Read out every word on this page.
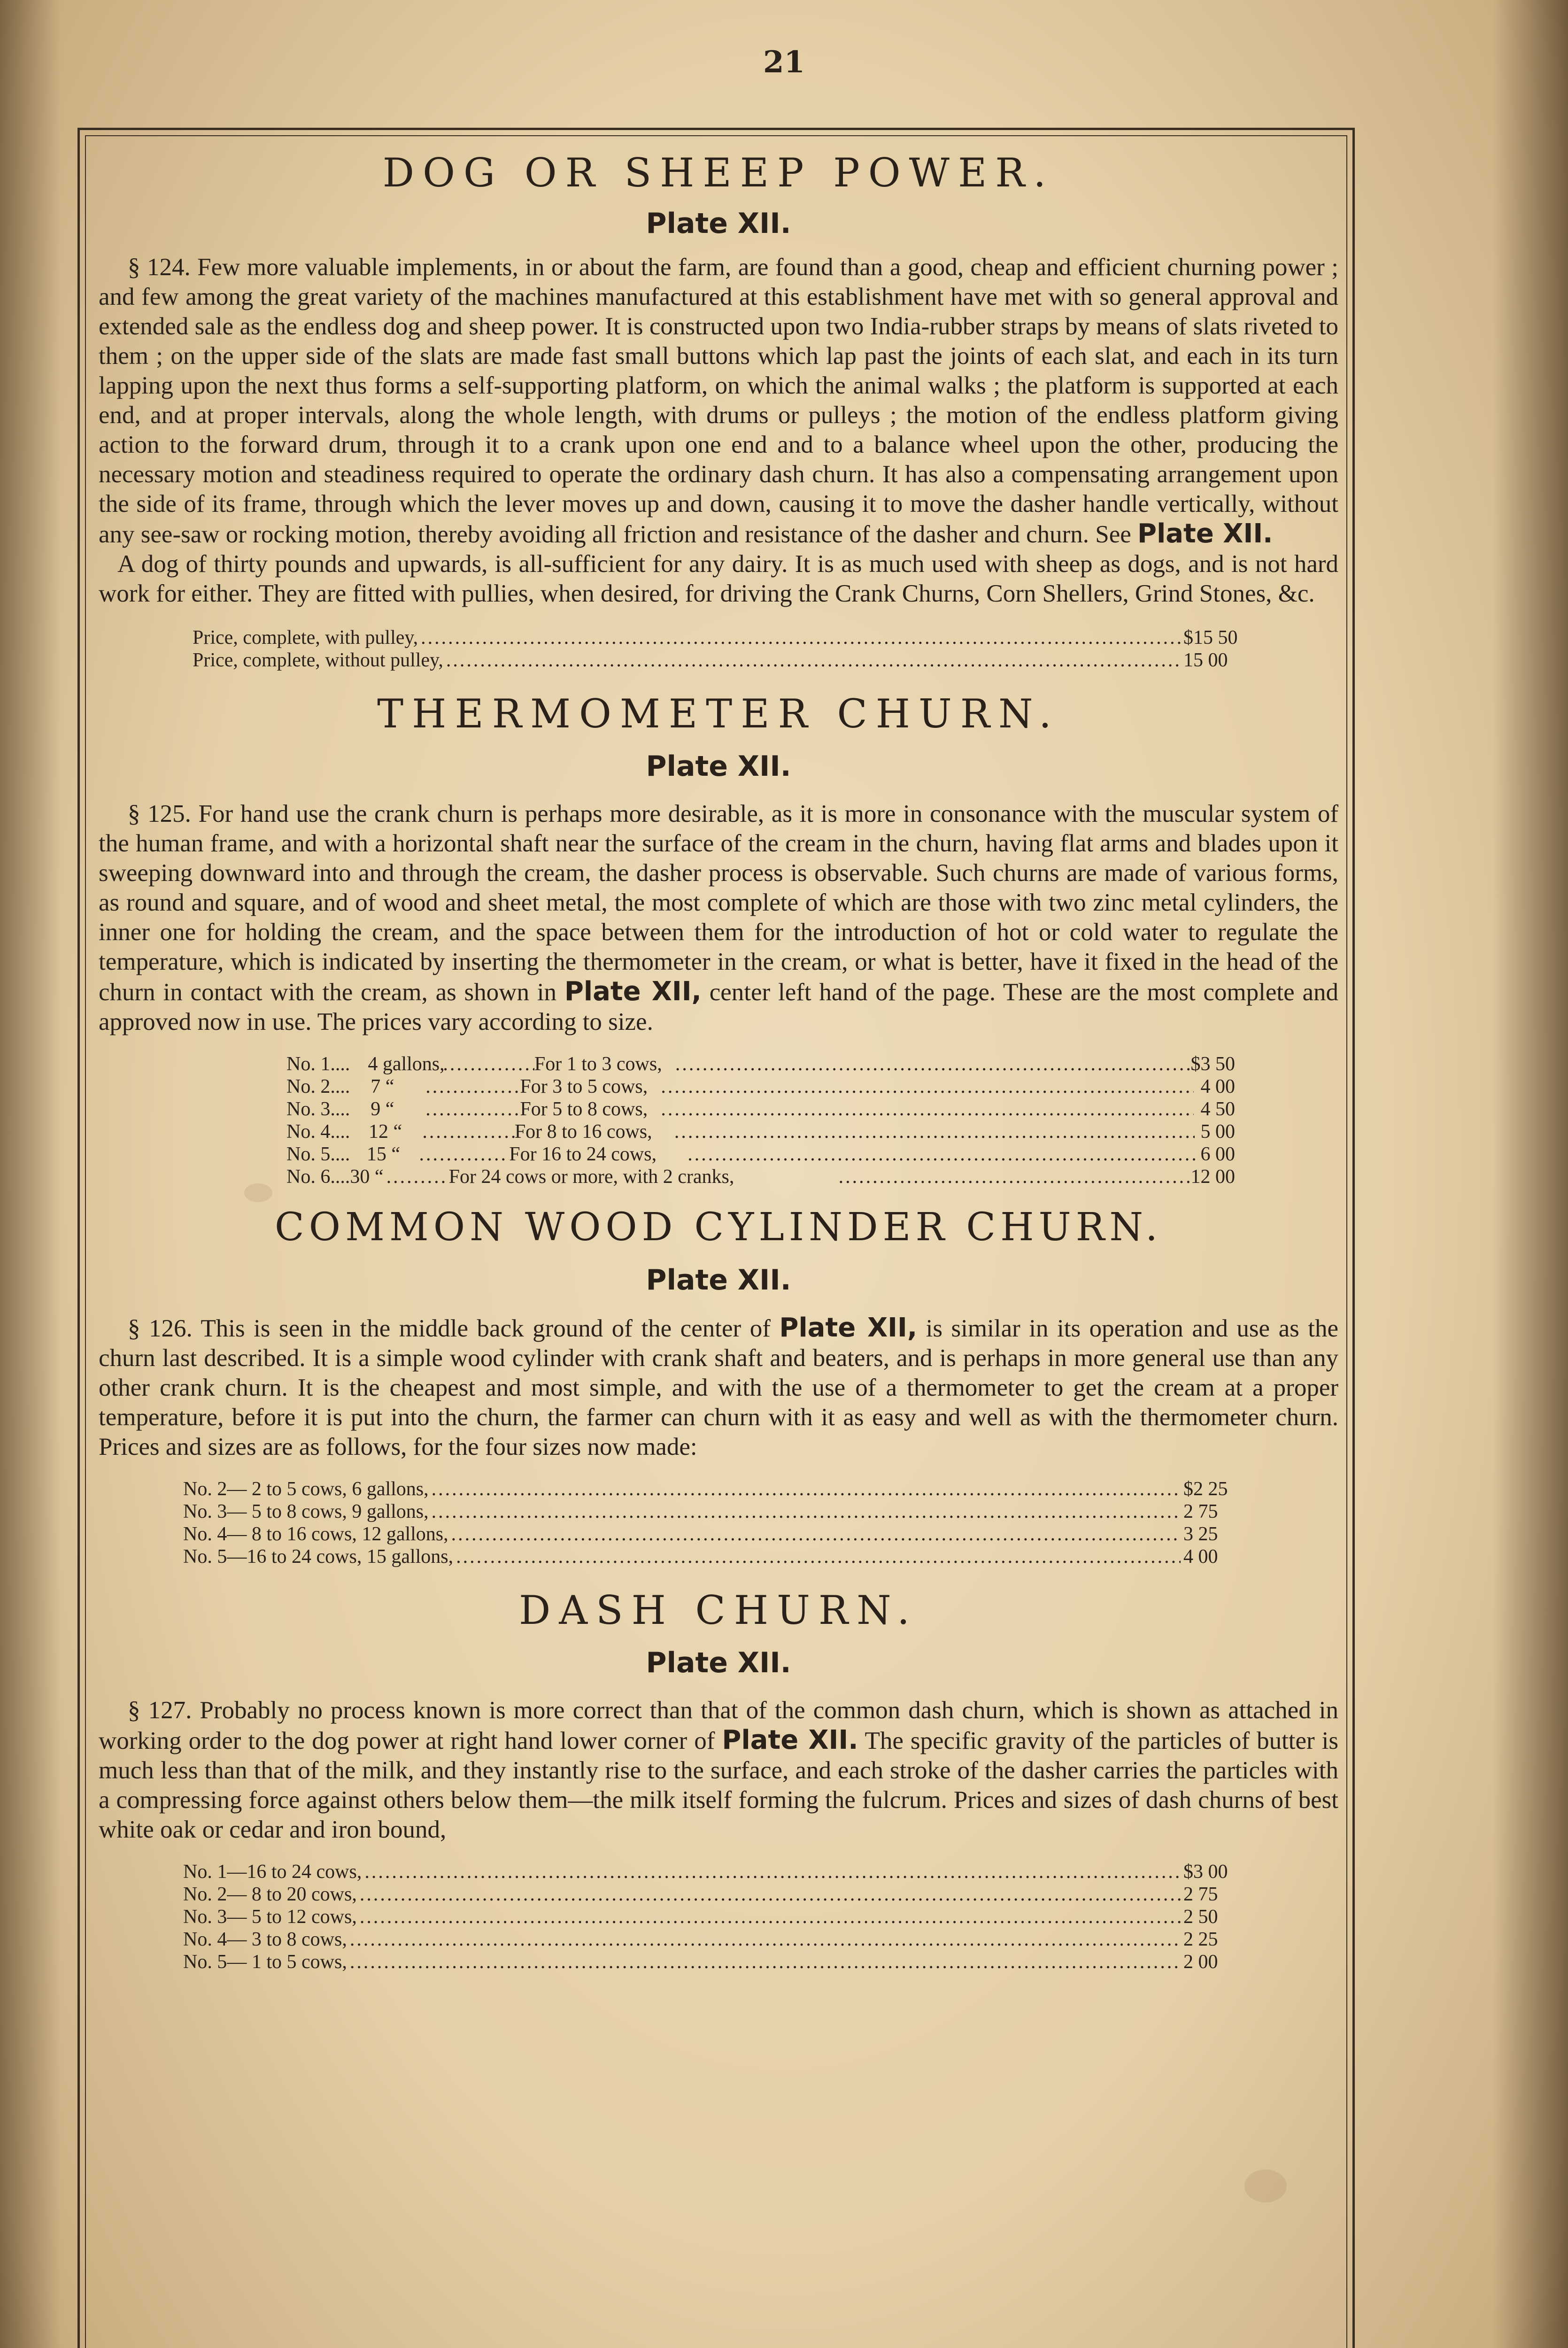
21
DOG OR SHEEP POWER.
Plate XII.

§ 124. Few more valuable implements, in or about the farm, are found than a good, cheap and efficient churning power ; and few among the great variety of the machines manufactured at this establishment have met with so general approval and extended sale as the endless dog and sheep power. It is constructed upon two India-rubber straps by means of slats riveted to them ; on the upper side of the slats are made fast small buttons which lap past the joints of each slat, and each in its turn lapping upon the next thus forms a self-supporting platform, on which the animal walks ; the platform is supported at each end, and at proper intervals, along the whole length, with drums or pulleys ; the motion of the endless platform giving action to the forward drum, through it to a crank upon one end and to a balance wheel upon the other, producing the necessary motion and steadiness required to operate the ordinary dash churn. It has also a compensating arrangement upon the side of its frame, through which the lever moves up and down, causing it to move the dasher handle vertically, without any see-saw or rocking motion, thereby avoiding all friction and resistance of the dasher and churn. See Plate XII.

A dog of thirty pounds and upwards, is all-sufficient for any dairy. It is as much used with sheep as dogs, and is not hard work for either. They are fitted with pullies, when desired, for driving the Crank Churns, Corn Shellers, Grind Stones, &c.

Price, complete, with pulley, .....	$15 50
Price, complete, without pulley, .....	15 00
THERMOMETER CHURN.
Plate XII.

§ 125. For hand use the crank churn is perhaps more desirable, as it is more in consonance with the muscular system of the human frame, and with a horizontal shaft near the surface of the cream in the churn, having flat arms and blades upon it sweeping downward into and through the cream, the dasher process is observable. Such churns are made of various forms, as round and square, and of wood and sheet metal, the most complete of which are those with two zinc metal cylinders, the inner one for holding the cream, and the space between them for the introduction of hot or cold water to regulate the temperature, which is indicated by inserting the thermometer in the cream, or what is better, have it fixed in the head of the churn in contact with the cream, as shown in Plate XII, center left hand of the page. These are the most complete and approved now in use. The prices vary according to size.

No. 1.... 4 gallons, .....	For 1 to 3 cows, .....	$3 50
No. 2....	7 “ .....	For 3 to 5 cows, .....	4 00
No. 3....	9 “ .....	For 5 to 8 cows, .....	4 50
No. 4.... 12 “ .....	For 8 to 16 cows, .....	5 00
No. 5.... 15 “ .....	For 16 to 24 cows, .....	6 00
No. 6.... 30 “ .....	For 24 cows or more, with 2 cranks, .....	12 00
COMMON WOOD CYLINDER CHURN.
Plate XII.

§ 126. This is seen in the middle back ground of the center of Plate XII, is similar in its operation and use as the churn last described. It is a simple wood cylinder with crank shaft and beaters, and is perhaps in more general use than any other crank churn. It is the cheapest and most simple, and with the use of a thermometer to get the cream at a proper temperature, before it is put into the churn, the farmer can churn with it as easy and well as with the thermometer churn. Prices and sizes are as follows, for the four sizes now made:

No. 2— 2 to 5 cows, 6 gallons, .....	$2 25
No. 3— 5 to 8 cows, 9 gallons, .....	2 75
No. 4— 8 to 16 cows, 12 gallons, .....	3 25
No. 5—16 to 24 cows, 15 gallons, .....	4 00
DASH CHURN.
Plate XII.

§ 127. Probably no process known is more correct than that of the common dash churn, which is shown as attached in working order to the dog power at right hand lower corner of Plate XII. The specific gravity of the particles of butter is much less than that of the milk, and they instantly rise to the surface, and each stroke of the dasher carries the particles with a compressing force against others below them—the milk itself forming the fulcrum. Prices and sizes of dash churns of best white oak or cedar and iron bound,

No. 1—16 to 24 cows, .....	$3 00
No. 2— 8 to 20 cows, .....	2 75
No. 3— 5 to 12 cows, .....	2 50
No. 4— 3 to 8 cows, .....	2 25
No. 5— 1 to 5 cows, .....	2 00
